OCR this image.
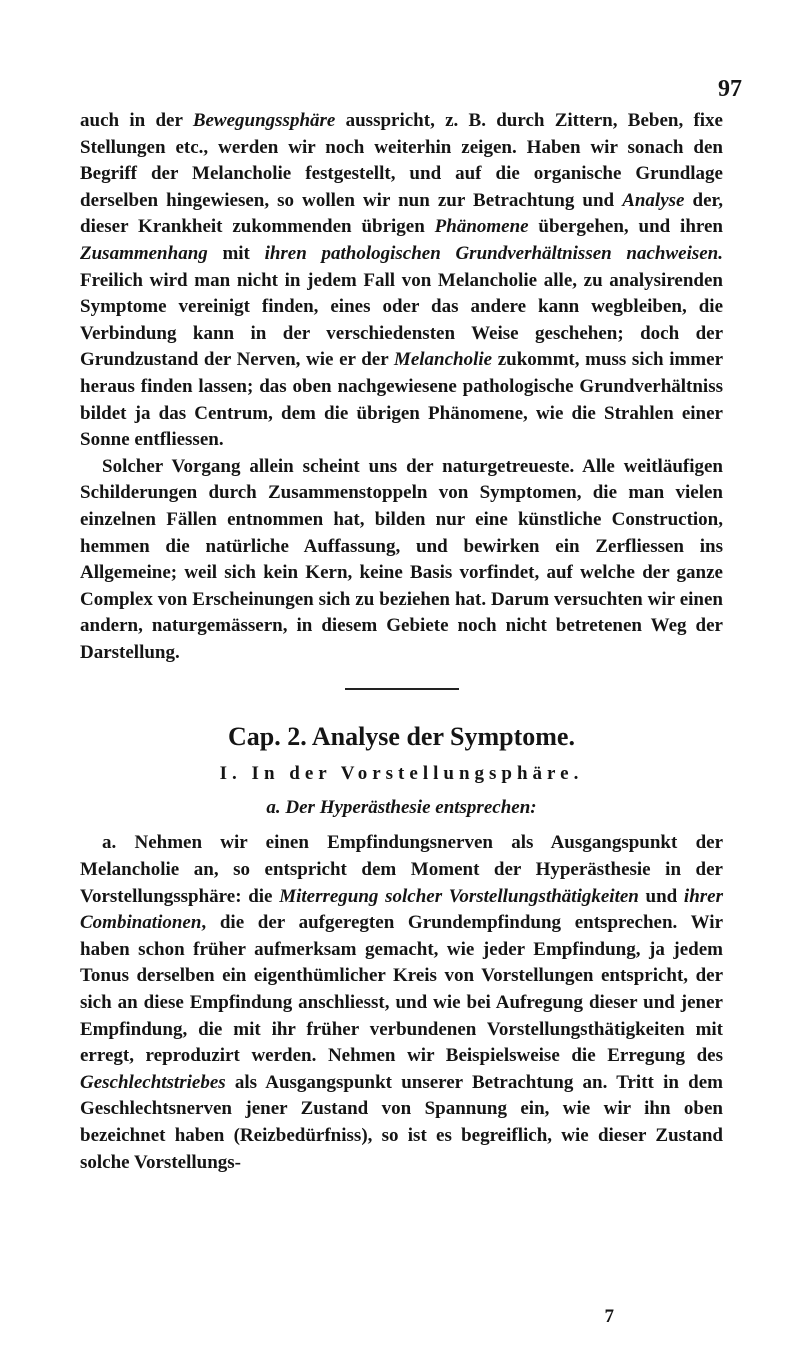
97

auch in der Bewegungssphäre ausspricht, z. B. durch Zittern, Beben, fixe Stellungen etc., werden wir noch weiterhin zeigen. Haben wir sonach den Begriff der Melancholie festgestellt, und auf die organische Grundlage derselben hingewiesen, so wollen wir nun zur Betrachtung und Analyse der, dieser Krankheit zukommenden übrigen Phänomene übergehen, und ihren Zusammenhang mit ihren pathologischen Grundverhältnissen nachweisen. Freilich wird man nicht in jedem Fall von Melancholie alle, zu analysirenden Symptome vereinigt finden, eines oder das andere kann wegbleiben, die Verbindung kann in der verschiedensten Weise geschehen; doch der Grundzustand der Nerven, wie er der Melancholie zukommt, muss sich immer heraus finden lassen; das oben nachgewiesene pathologische Grundverhältniss bildet ja das Centrum, dem die übrigen Phänomene, wie die Strahlen einer Sonne entfliessen.

Solcher Vorgang allein scheint uns der naturgetreueste. Alle weitläufigen Schilderungen durch Zusammenstoppeln von Symptomen, die man vielen einzelnen Fällen entnommen hat, bilden nur eine künstliche Construction, hemmen die natürliche Auffassung, und bewirken ein Zerfliessen ins Allgemeine; weil sich kein Kern, keine Basis vorfindet, auf welche der ganze Complex von Erscheinungen sich zu beziehen hat. Darum versuchten wir einen andern, naturgemässern, in diesem Gebiete noch nicht betretenen Weg der Darstellung.

Cap. 2. Analyse der Symptome.
I. In der Vorstellungsphäre.
a. Der Hyperästhesie entsprechen:

a. Nehmen wir einen Empfindungsnerven als Ausgangspunkt der Melancholie an, so entspricht dem Moment der Hyperästhesie in der Vorstellungssphäre: die Miterregung solcher Vorstellungsthätigkeiten und ihrer Combinationen, die der aufgeregten Grundempfindung entsprechen. Wir haben schon früher aufmerksam gemacht, wie jeder Empfindung, ja jedem Tonus derselben ein eigenthümlicher Kreis von Vorstellungen entspricht, der sich an diese Empfindung anschliesst, und wie bei Aufregung dieser und jener Empfindung, die mit ihr früher verbundenen Vorstellungsthätigkeiten mit erregt, reproduzirt werden. Nehmen wir Beispielsweise die Erregung des Geschlechtstriebes als Ausgangspunkt unserer Betrachtung an. Tritt in dem Geschlechtsnerven jener Zustand von Spannung ein, wie wir ihn oben bezeichnet haben (Reizbedürfniss), so ist es begreiflich, wie dieser Zustand solche Vorstellungs-

7
